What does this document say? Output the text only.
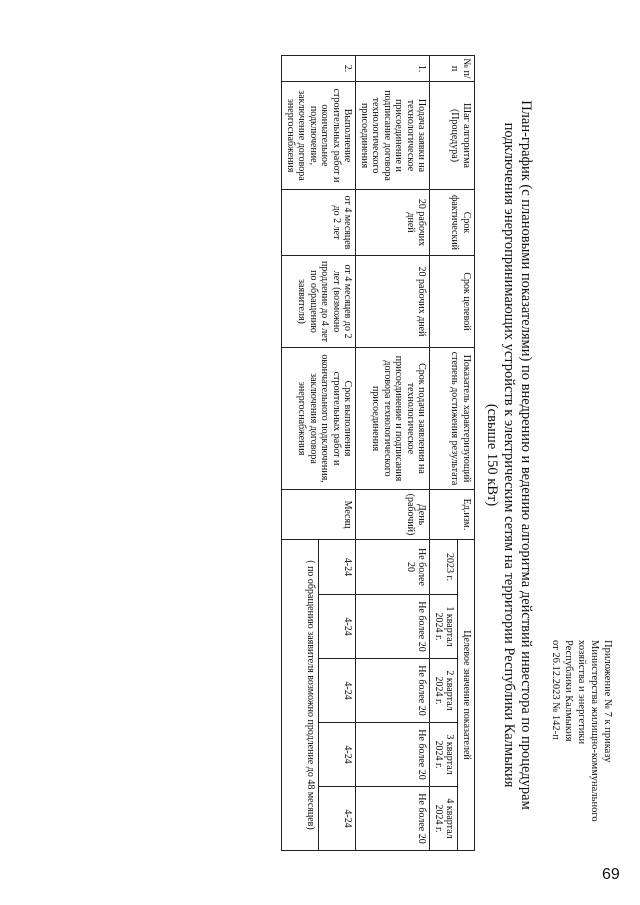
Приложение № 7 к приказу
Министерства жилищно-коммунального
хозяйства и энергетики
Республики Калмыкия
от 26.12.2023 № 142-п
План-график (с плановыми показателями) по внедрению и ведению алгоритма действий инвестора по процедурам
подключения энергопринимающих устройств к электрическим сетям на территории Республики Калмыкия
(свыше 150 кВт)
№ п/п	Шаг алгоритма (Процедура)	Срок фактический	Срок целевой	Показатель характеризующий степень достижения результата	Ед.изм.	Целевое значение показателей				
						2023 г.	1 квартал 2024 г.	2 квартал 2024 г.	3 квартал 2024 г.	4 квартал 2024 г.
1.	Подача заявки на технологическое присоединение и подписание договора технологического присоединения	20 рабочих дней	20 рабочих дней	Срок подачи заявления на технологическое присоединение и подписания договора технологического присоединения	День (рабочий)	Не более 20	Не более 20	Не более 20	Не более 20	Не более 20
2.	Выполнение строительных работ и окончательное подключение, заключение договора энергоснабжения	от 4 месяцев до 2 лет	от 4 месяцев до 2 лет (возможно продление до 4 лет по обращению заявителя)	Срок выполнения строительных работ и окончательного подключения, заключения договора энергоснабжения	Месяц	4-24	4-24	4-24	4-24	4-24
						( по обращению заявителя возможно продление до 48 месяцев)				
69
